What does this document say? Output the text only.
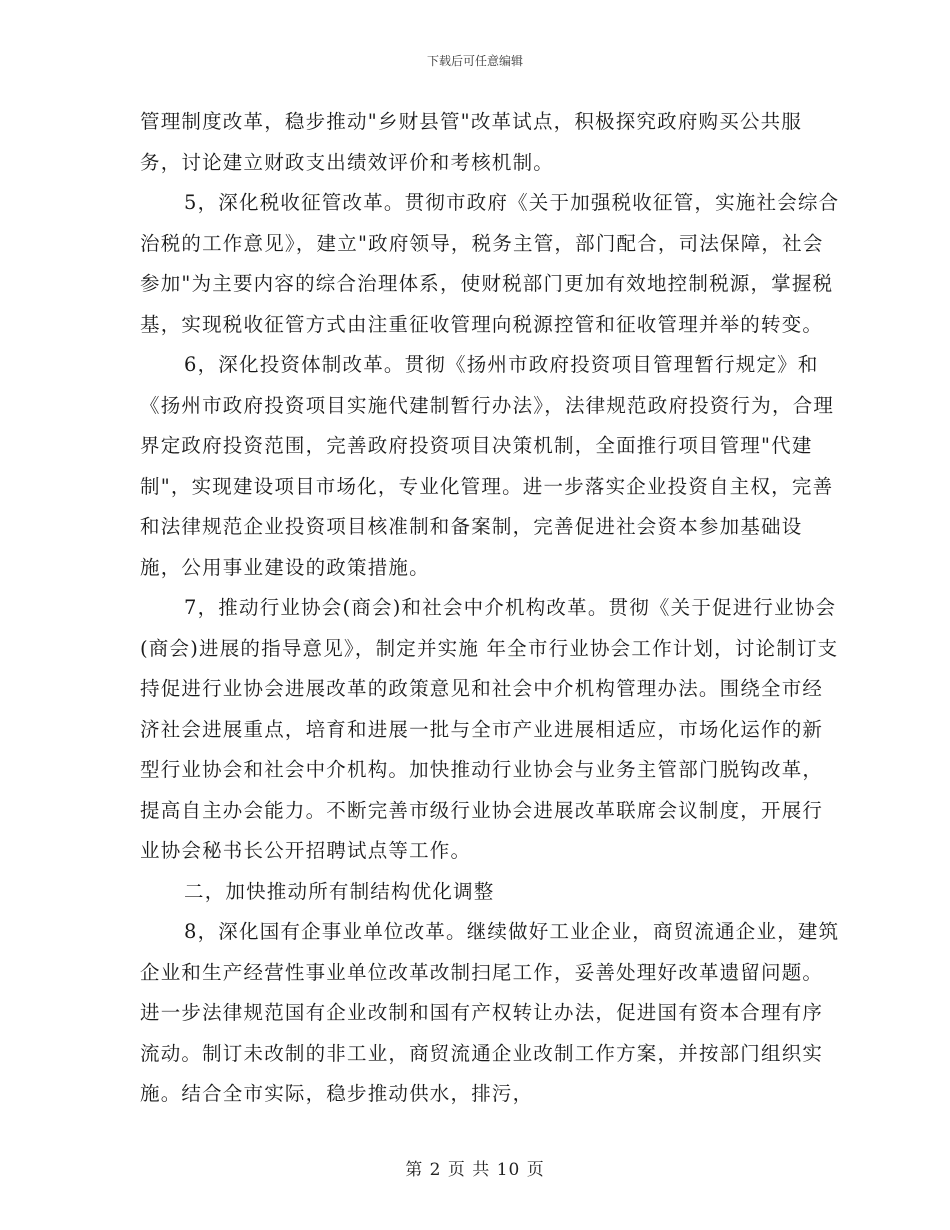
下载后可任意编辑

管理制度改革，稳步推动"乡财县管"改革试点，积极探究政府购买公共服务，讨论建立财政支出绩效评价和考核机制。

5，深化税收征管改革。贯彻市政府《关于加强税收征管，实施社会综合治税的工作意见》，建立"政府领导，税务主管，部门配合，司法保障，社会参加"为主要内容的综合治理体系，使财税部门更加有效地控制税源，掌握税基，实现税收征管方式由注重征收管理向税源控管和征收管理并举的转变。

6，深化投资体制改革。贯彻《扬州市政府投资项目管理暂行规定》和《扬州市政府投资项目实施代建制暂行办法》，法律规范政府投资行为，合理界定政府投资范围，完善政府投资项目决策机制，全面推行项目管理"代建制"，实现建设项目市场化，专业化管理。进一步落实企业投资自主权，完善和法律规范企业投资项目核准制和备案制，完善促进社会资本参加基础设施，公用事业建设的政策措施。

7，推动行业协会(商会)和社会中介机构改革。贯彻《关于促进行业协会(商会)进展的指导意见》，制定并实施 年全市行业协会工作计划，讨论制订支持促进行业协会进展改革的政策意见和社会中介机构管理办法。围绕全市经济社会进展重点，培育和进展一批与全市产业进展相适应，市场化运作的新型行业协会和社会中介机构。加快推动行业协会与业务主管部门脱钩改革，提高自主办会能力。不断完善市级行业协会进展改革联席会议制度，开展行业协会秘书长公开招聘试点等工作。

二，加快推动所有制结构优化调整

8，深化国有企事业单位改革。继续做好工业企业，商贸流通企业，建筑企业和生产经营性事业单位改革改制扫尾工作，妥善处理好改革遗留问题。进一步法律规范国有企业改制和国有产权转让办法，促进国有资本合理有序流动。制订未改制的非工业，商贸流通企业改制工作方案，并按部门组织实施。结合全市实际，稳步推动供水，排污，

第 2 页 共 10 页
